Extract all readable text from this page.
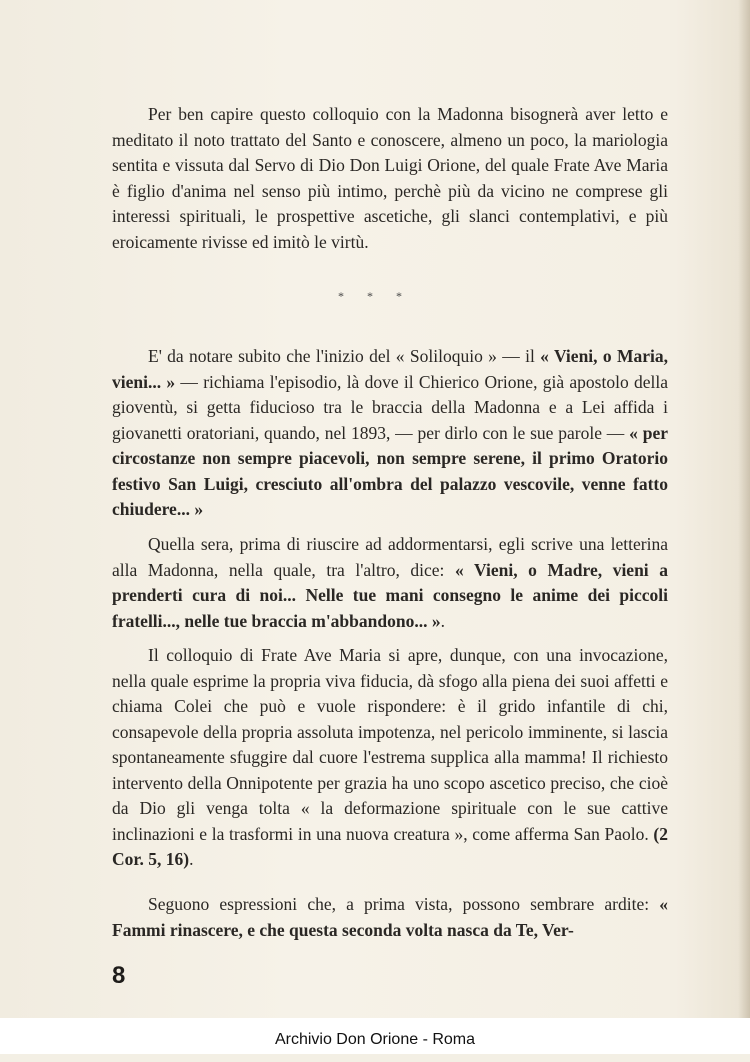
Per ben capire questo colloquio con la Madonna bisognerà aver letto e meditato il noto trattato del Santo e conoscere, almeno un poco, la mariologia sentita e vissuta dal Servo di Dio Don Luigi Orione, del quale Frate Ave Maria è figlio d'anima nel senso più intimo, perchè più da vicino ne comprese gli interessi spirituali, le prospettive ascetiche, gli slanci contemplativi, e più eroicamente rivisse ed imitò le virtù.

* * *

E' da notare subito che l'inizio del « Soliloquio » — il « Vieni, o Maria, vieni... » — richiama l'episodio, là dove il Chierico Orione, già apostolo della gioventù, si getta fiducioso tra le braccia della Madonna e a Lei affida i giovanetti oratoriani, quando, nel 1893, — per dirlo con le sue parole — « per circostanze non sempre piacevoli, non sempre serene, il primo Oratorio festivo San Luigi, cresciuto all'ombra del palazzo vescovile, venne fatto chiudere... »

Quella sera, prima di riuscire ad addormentarsi, egli scrive una letterina alla Madonna, nella quale, tra l'altro, dice: « Vieni, o Madre, vieni a prenderti cura di noi... Nelle tue mani consegno le anime dei piccoli fratelli..., nelle tue braccia m'abbandono... ».

Il colloquio di Frate Ave Maria si apre, dunque, con una invocazione, nella quale esprime la propria viva fiducia, dà sfogo alla piena dei suoi affetti e chiama Colei che può e vuole rispondere: è il grido infantile di chi, consapevole della propria assoluta impotenza, nel pericolo imminente, si lascia spontaneamente sfuggire dal cuore l'estrema supplica alla mamma! Il richiesto intervento della Onnipotente per grazia ha uno scopo ascetico preciso, che cioè da Dio gli venga tolta « la deformazione spirituale con le sue cattive inclinazioni e la trasformi in una nuova creatura », come afferma San Paolo. (2 Cor. 5, 16).

Seguono espressioni che, a prima vista, possono sembrare ardite: « Fammi rinascere, e che questa seconda volta nasca da Te, Ver-

8
Archivio Don Orione - Roma
